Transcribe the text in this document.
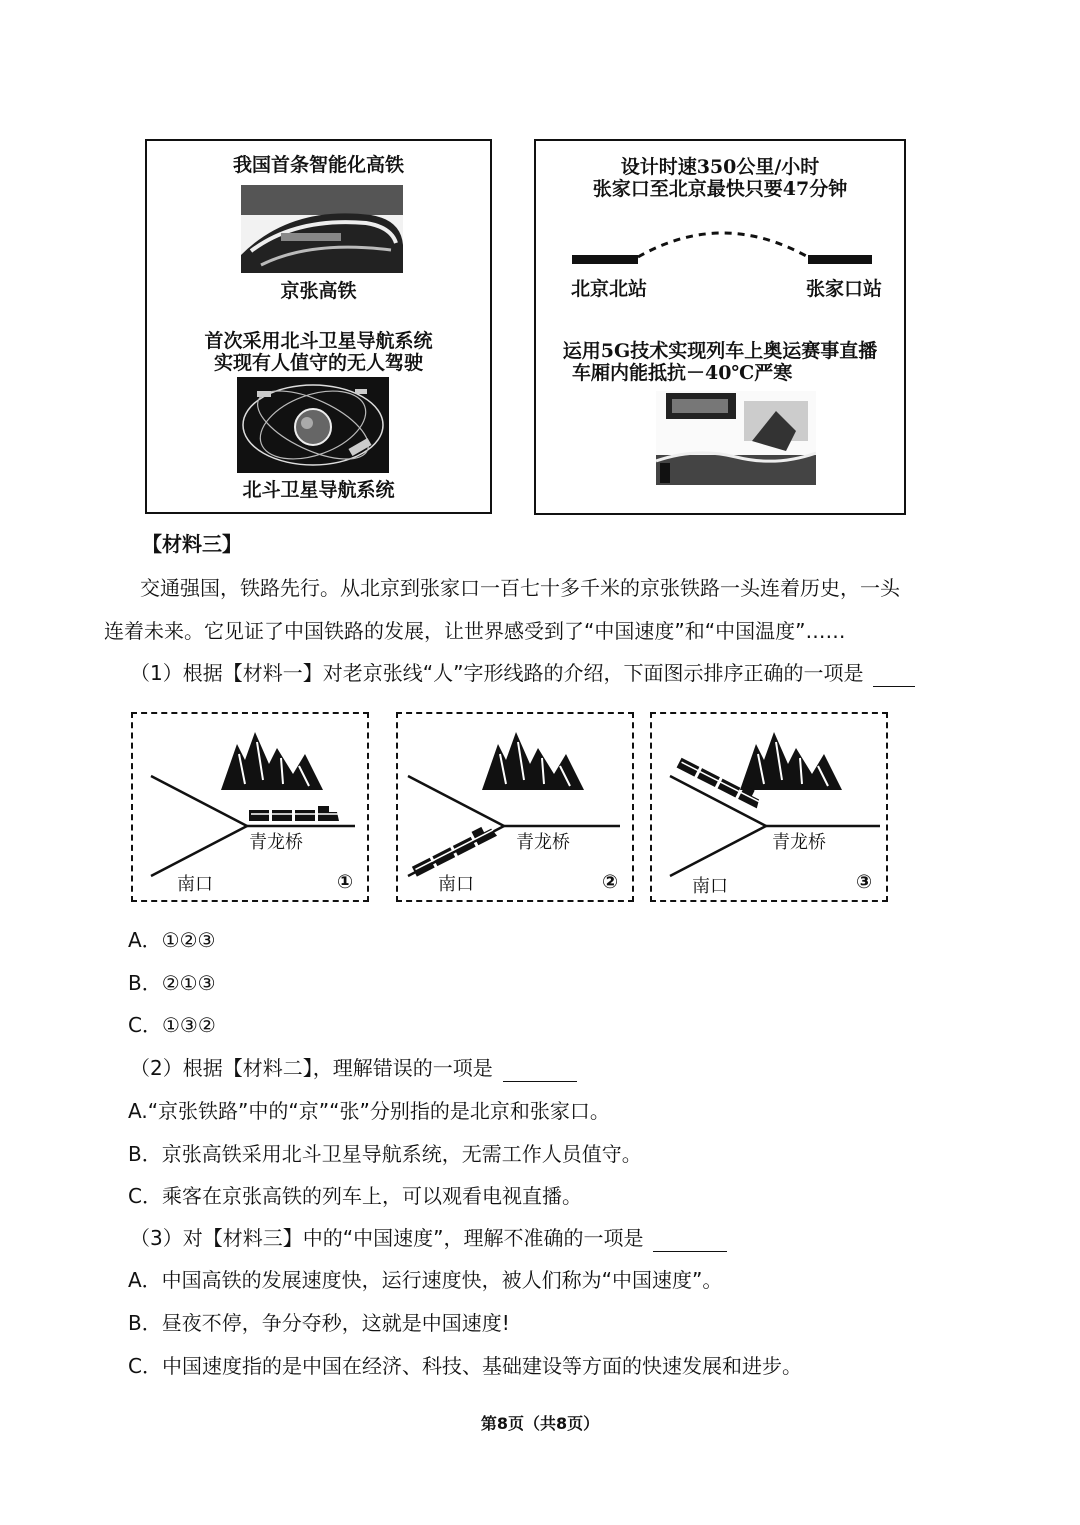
我国首条智能化高铁
京张高铁
首次采用北斗卫星导航系统
实现有人值守的无人驾驶
北斗卫星导航系统
设计时速350公里/小时
张家口至北京最快只要47分钟
北京北站	张家口站
运用5G技术实现列车上奥运赛事直播
车厢内能抵抗－40℃严寒
【材料三】
交通强国，铁路先行。从北京到张家口一百七十多千米的京张铁路一头连着历史，一头
连着未来。它见证了中国铁路的发展，让世界感受到了“中国速度”和“中国温度”……
（1）根据【材料一】对老京张线“人”字形线路的介绍，下面图示排序正确的一项是
青龙桥
南口	①
青龙桥
南口	②
青龙桥
南口	③
A．①②③
B．②①③
C．①③②
（2）根据【材料二】，理解错误的一项是
A.“京张铁路”中的“京”“张”分别指的是北京和张家口。
B．京张高铁采用北斗卫星导航系统，无需工作人员值守。
C．乘客在京张高铁的列车上，可以观看电视直播。
（3）对【材料三】中的“中国速度”，理解不准确的一项是
A．中国高铁的发展速度快，运行速度快，被人们称为“中国速度”。
B．昼夜不停，争分夺秒，这就是中国速度!
C．中国速度指的是中国在经济、科技、基础建设等方面的快速发展和进步。
第8页（共8页）
